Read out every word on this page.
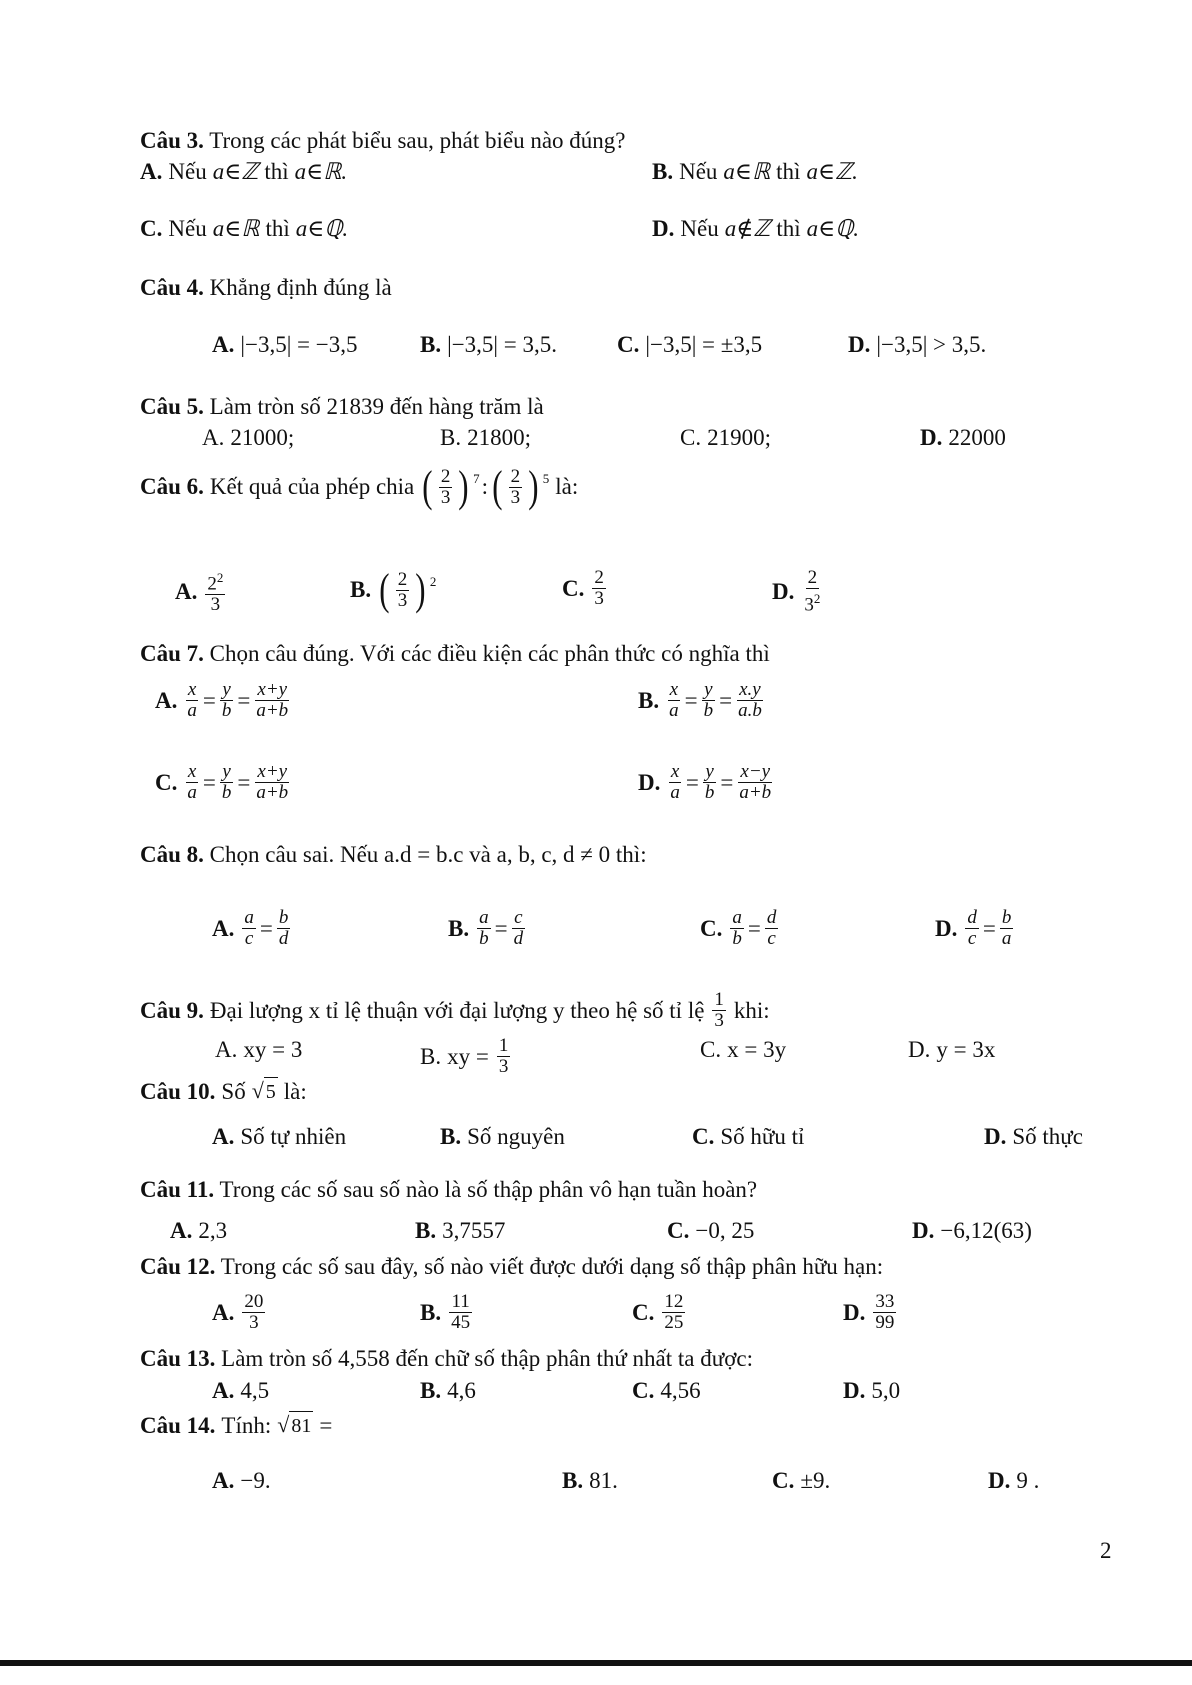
Câu 3. Trong các phát biểu sau, phát biểu nào đúng?
A. Nếu a∈ℤ thì a∈ℝ.	B. Nếu a∈ℝ thì a∈ℤ.
C. Nếu a∈ℝ thì a∈ℚ.	D. Nếu a∉ℤ thì a∈ℚ.
Câu 4. Khẳng định đúng là
A. |−3,5| = −3,5	B. |−3,5| = 3,5.	C. |−3,5| = ±3,5	D. |−3,5| > 3,5.
Câu 5. Làm tròn số 21839 đến hàng trăm là
A. 21000;	B. 21800;	C. 21900;	D. 22000
Câu 6. Kết quả của phép chia ( $\frac{2}{3}$ ) $^7$ : ( $\frac{2}{3}$ ) $^5$ là:
A. $\frac{2^2}{3}$	B. ( $\frac{2}{3}$ ) $^2$	C. $\frac{2}{3}$	D. $\frac{2}{3^2}$
Câu 7. Chọn câu đúng. Với các điều kiện các phân thức có nghĩa thì
A. $\frac{x}{a} = \frac{y}{b} = \frac{x+y}{a+b}$	B. $\frac{x}{a} = \frac{y}{b} = \frac{x.y}{a.b}$
C. $\frac{x}{a} = \frac{y}{b} = \frac{x+y}{a+b}$	D. $\frac{x}{a} = \frac{y}{b} = \frac{x-y}{a+b}$
Câu 8. Chọn câu sai. Nếu a.d = b.c và a, b, c, d ≠ 0 thì:
A. $\frac{a}{c} = \frac{b}{d}$	B. $\frac{a}{b} = \frac{c}{d}$	C. $\frac{a}{b} = \frac{d}{c}$	D. $\frac{d}{c} = \frac{b}{a}$
Câu 9. Đại lượng x tỉ lệ thuận với đại lượng y theo hệ số tỉ lệ $\frac{1}{3}$ khi:
A. xy = 3	B. xy = $\frac{1}{3}$	C. x = 3y	D. y = 3x
Câu 10. Số √ 5 là:
A. Số tự nhiên	B. Số nguyên	C. Số hữu tỉ	D. Số thực
Câu 11. Trong các số sau số nào là số thập phân vô hạn tuần hoàn?
A. 2,3	B. 3,7557	C. −0, 25	D. −6,12(63)
Câu 12. Trong các số sau đây, số nào viết được dưới dạng số thập phân hữu hạn:
A. $\frac{20}{3}$	B. $\frac{11}{45}$	C. $\frac{12}{25}$	D. $\frac{33}{99}$
Câu 13. Làm tròn số 4,558 đến chữ số thập phân thứ nhất ta được:
A. 4,5	B. 4,6	C. 4,56	D. 5,0
Câu 14. Tính: √ 81 =
A. −9.	B. 81.	C. ±9.	D. 9 .
2
